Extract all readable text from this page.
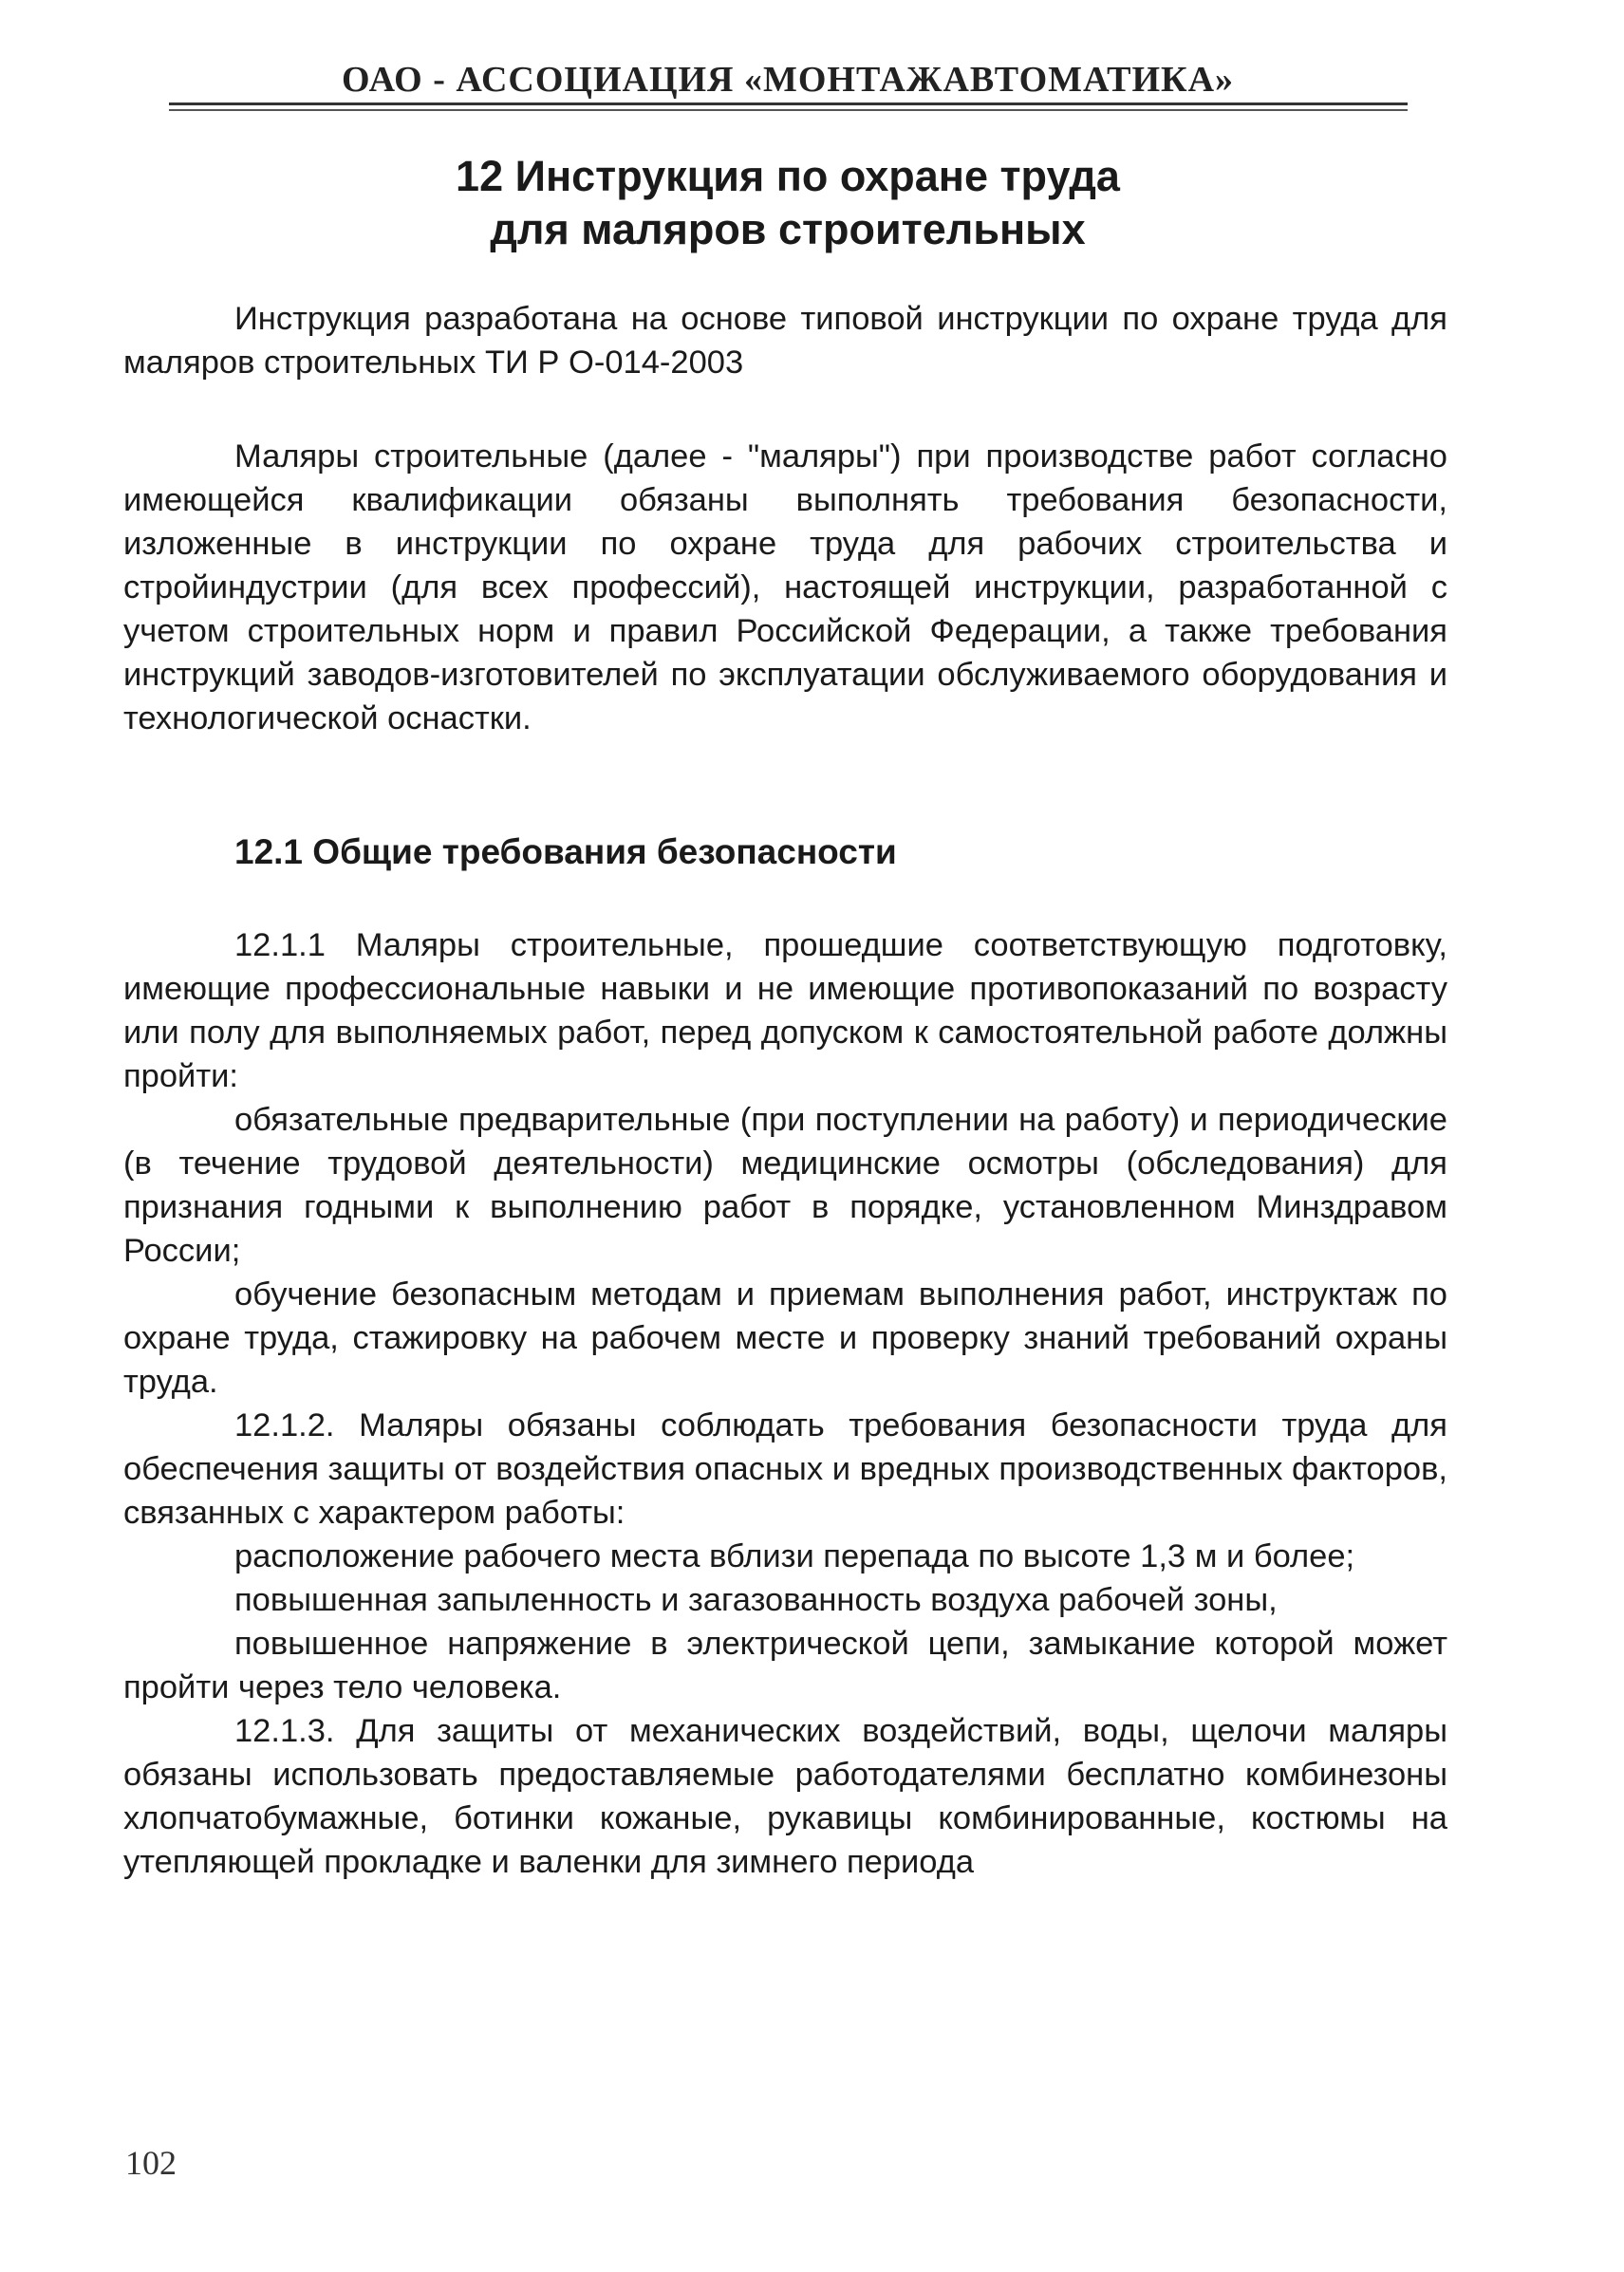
ОАО - АССОЦИАЦИЯ «МОНТАЖАВТОМАТИКА»
12 Инструкция по охране труда
для маляров строительных

Инструкция разработана на основе типовой инструкции по охране труда для маляров строительных ТИ Р О-014-2003

Маляры строительные (далее - "маляры") при производстве работ согласно имеющейся квалификации обязаны выполнять требования безопасности, изложенные в инструкции по охране труда для рабочих строительства и стройиндустрии (для всех профессий), настоящей инструкции, разработанной с учетом строительных норм и правил Российской Федерации, а также требования инструкций заводов-изготовителей по эксплуатации обслуживаемого оборудования и технологической оснастки.

12.1 Общие требования безопасности

12.1.1 Маляры строительные, прошедшие соответствующую подготовку, имеющие профессиональные навыки и не имеющие противопоказаний по возрасту или полу для выполняемых работ, перед допуском к самостоятельной работе должны пройти:

обязательные предварительные (при поступлении на работу) и периодические (в течение трудовой деятельности) медицинские осмотры (обследования) для признания годными к выполнению работ в порядке, установленном Минздравом России;

обучение безопасным методам и приемам выполнения работ, инструктаж по охране труда, стажировку на рабочем месте и проверку знаний требований охраны труда.

12.1.2. Маляры обязаны соблюдать требования безопасности труда для обеспечения защиты от воздействия опасных и вредных производственных факторов, связанных с характером работы:

расположение рабочего места вблизи перепада по высоте 1,3 м и более;

повышенная запыленность и загазованность воздуха рабочей зоны,

повышенное напряжение в электрической цепи, замыкание которой может пройти через тело человека.

12.1.3. Для защиты от механических воздействий, воды, щелочи маляры обязаны использовать предоставляемые работодателями бесплатно комбинезоны хлопчатобумажные, ботинки кожаные, рукавицы комбинированные, костюмы на утепляющей прокладке и валенки для зимнего периода

102
